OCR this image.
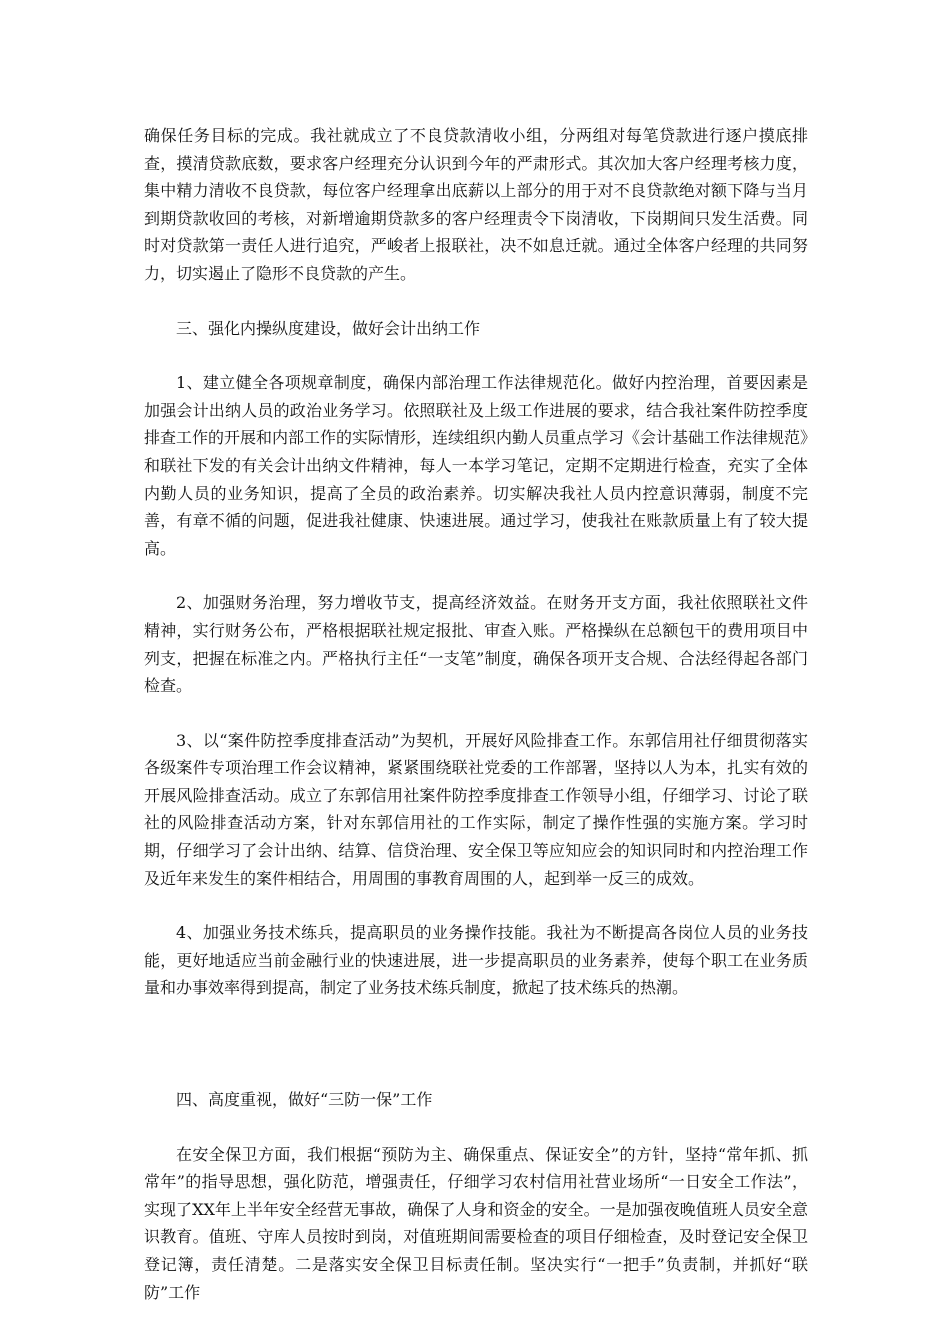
确保任务目标的完成。我社就成立了不良贷款清收小组，分两组对每笔贷款进行逐户摸底排查，摸清贷款底数，要求客户经理充分认识到今年的严肃形式。其次加大客户经理考核力度，集中精力清收不良贷款，每位客户经理拿出底薪以上部分的用于对不良贷款绝对额下降与当月到期贷款收回的考核，对新增逾期贷款多的客户经理责令下岗清收，下岗期间只发生活费。同时对贷款第一责任人进行追究，严峻者上报联社，决不如息迁就。通过全体客户经理的共同努力，切实遏止了隐形不良贷款的产生。

三、强化内操纵度建设，做好会计出纳工作

1、建立健全各项规章制度，确保内部治理工作法律规范化。做好内控治理，首要因素是加强会计出纳人员的政治业务学习。依照联社及上级工作进展的要求，结合我社案件防控季度排查工作的开展和内部工作的实际情形，连续组织内勤人员重点学习《会计基础工作法律规范》和联社下发的有关会计出纳文件精神，每人一本学习笔记，定期不定期进行检查，充实了全体内勤人员的业务知识，提高了全员的政治素养。切实解决我社人员内控意识薄弱，制度不完善，有章不循的问题，促进我社健康、快速进展。通过学习，使我社在账款质量上有了较大提高。

2、加强财务治理，努力增收节支，提高经济效益。在财务开支方面，我社依照联社文件精神，实行财务公布，严格根据联社规定报批、审查入账。严格操纵在总额包干的费用项目中列支，把握在标准之内。严格执行主任“一支笔”制度，确保各项开支合规、合法经得起各部门检查。

3、以“案件防控季度排查活动”为契机，开展好风险排查工作。东郭信用社仔细贯彻落实各级案件专项治理工作会议精神，紧紧围绕联社党委的工作部署，坚持以人为本，扎实有效的开展风险排查活动。成立了东郭信用社案件防控季度排查工作领导小组，仔细学习、讨论了联社的风险排查活动方案，针对东郭信用社的工作实际，制定了操作性强的实施方案。学习时期，仔细学习了会计出纳、结算、信贷治理、安全保卫等应知应会的知识同时和内控治理工作及近年来发生的案件相结合，用周围的事教育周围的人，起到举一反三的成效。

4、加强业务技术练兵，提高职员的业务操作技能。我社为不断提高各岗位人员的业务技能，更好地适应当前金融行业的快速进展，进一步提高职员的业务素养，使每个职工在业务质量和办事效率得到提高，制定了业务技术练兵制度，掀起了技术练兵的热潮。

四、高度重视，做好“三防一保”工作

在安全保卫方面，我们根据“预防为主、确保重点、保证安全”的方针，坚持“常年抓、抓常年”的指导思想，强化防范，增强责任，仔细学习农村信用社营业场所“一日安全工作法”，实现了XX年上半年安全经营无事故，确保了人身和资金的安全。一是加强夜晚值班人员安全意识教育。值班、守库人员按时到岗，对值班期间需要检查的项目仔细检查，及时登记安全保卫登记簿，责任清楚。二是落实安全保卫目标责任制。坚决实行“一把手”负责制，并抓好“联防”工作
